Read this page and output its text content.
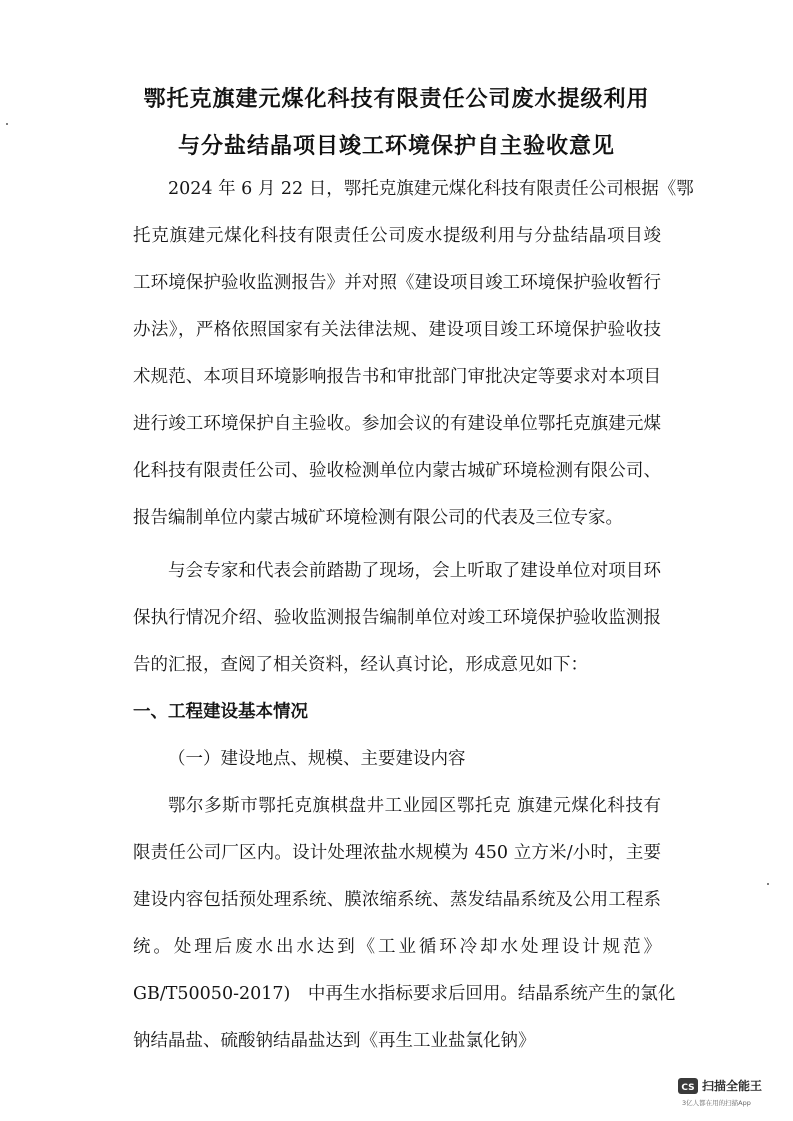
鄂托克旗建元煤化科技有限责任公司废水提级利用
与分盐结晶项目竣工环境保护自主验收意见
2024 年 6 月 22 日，鄂托克旗建元煤化科技有限责任公司根据《鄂
托克旗建元煤化科技有限责任公司废水提级利用与分盐结晶项目竣
工环境保护验收监测报告》并对照《建设项目竣工环境保护验收暂行
办法》，严格依照国家有关法律法规、建设项目竣工环境保护验收技
术规范、本项目环境影响报告书和审批部门审批决定等要求对本项目
进行竣工环境保护自主验收。参加会议的有建设单位鄂托克旗建元煤
化科技有限责任公司、验收检测单位内蒙古城矿环境检测有限公司、
报告编制单位内蒙古城矿环境检测有限公司的代表及三位专家。
与会专家和代表会前踏勘了现场，会上听取了建设单位对项目环
保执行情况介绍、验收监测报告编制单位对竣工环境保护验收监测报
告的汇报，查阅了相关资料，经认真讨论，形成意见如下：
一、工程建设基本情况
（一）建设地点、规模、主要建设内容
鄂尔多斯市鄂托克旗棋盘井工业园区鄂托克 旗建元煤化科技有
限责任公司厂区内。设计处理浓盐水规模为 450 立方米/小时，主要
建设内容包括预处理系统、膜浓缩系统、蒸发结晶系统及公用工程系
统。处理后废水出水达到《工业循环冷却水处理设计规范》
GB/T50050-2017)　中再生水指标要求后回用。结晶系统产生的氯化
钠结晶盐、硫酸钠结晶盐达到《再生工业盐氯化钠》
CS 扫描全能王
3亿人都在用的扫描App
